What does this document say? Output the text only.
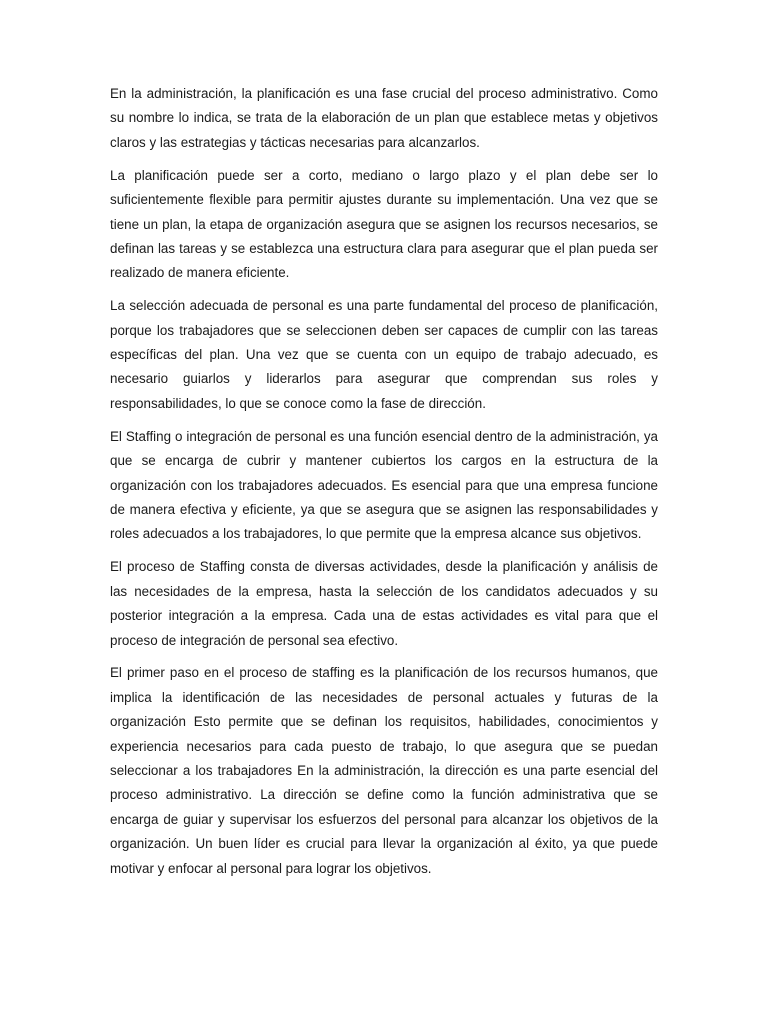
En la administración, la planificación es una fase crucial del proceso administrativo. Como su nombre lo indica, se trata de la elaboración de un plan que establece metas y objetivos claros y las estrategias y tácticas necesarias para alcanzarlos.

La planificación puede ser a corto, mediano o largo plazo y el plan debe ser lo suficientemente flexible para permitir ajustes durante su implementación. Una vez que se tiene un plan, la etapa de organización asegura que se asignen los recursos necesarios, se definan las tareas y se establezca una estructura clara para asegurar que el plan pueda ser realizado de manera eficiente.

La selección adecuada de personal es una parte fundamental del proceso de planificación, porque los trabajadores que se seleccionen deben ser capaces de cumplir con las tareas específicas del plan. Una vez que se cuenta con un equipo de trabajo adecuado, es necesario guiarlos y liderarlos para asegurar que comprendan sus roles y responsabilidades, lo que se conoce como la fase de dirección.

El Staffing o integración de personal es una función esencial dentro de la administración, ya que se encarga de cubrir y mantener cubiertos los cargos en la estructura de la organización con los trabajadores adecuados. Es esencial para que una empresa funcione de manera efectiva y eficiente, ya que se asegura que se asignen las responsabilidades y roles adecuados a los trabajadores, lo que permite que la empresa alcance sus objetivos.

El proceso de Staffing consta de diversas actividades, desde la planificación y análisis de las necesidades de la empresa, hasta la selección de los candidatos adecuados y su posterior integración a la empresa. Cada una de estas actividades es vital para que el proceso de integración de personal sea efectivo.

El primer paso en el proceso de staffing es la planificación de los recursos humanos, que implica la identificación de las necesidades de personal actuales y futuras de la organización Esto permite que se definan los requisitos, habilidades, conocimientos y experiencia necesarios para cada puesto de trabajo, lo que asegura que se puedan seleccionar a los trabajadores En la administración, la dirección es una parte esencial del proceso administrativo. La dirección se define como la función administrativa que se encarga de guiar y supervisar los esfuerzos del personal para alcanzar los objetivos de la organización. Un buen líder es crucial para llevar la organización al éxito, ya que puede motivar y enfocar al personal para lograr los objetivos.
